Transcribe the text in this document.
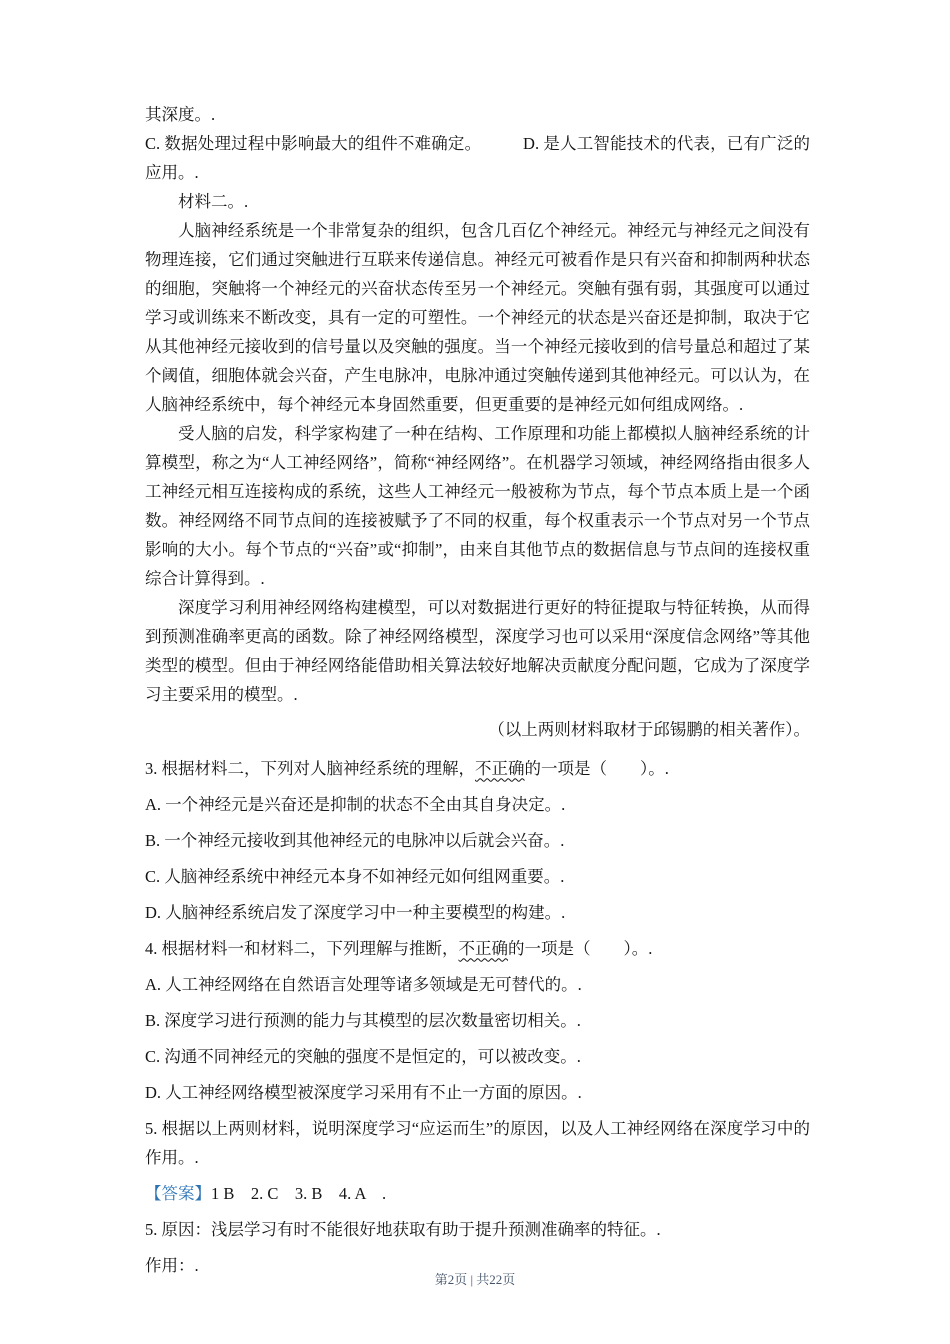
其深度。.

C. 数据处理过程中影响最大的组件不难确定。　　　D. 是人工智能技术的代表，已有广泛的应用。.

材料二。.

人脑神经系统是一个非常复杂的组织，包含几百亿个神经元。神经元与神经元之间没有物理连接，它们通过突触进行互联来传递信息。神经元可被看作是只有兴奋和抑制两种状态的细胞，突触将一个神经元的兴奋状态传至另一个神经元。突触有强有弱，其强度可以通过学习或训练来不断改变，具有一定的可塑性。一个神经元的状态是兴奋还是抑制，取决于它从其他神经元接收到的信号量以及突触的强度。当一个神经元接收到的信号量总和超过了某个阈值，细胞体就会兴奋，产生电脉冲，电脉冲通过突触传递到其他神经元。可以认为，在人脑神经系统中，每个神经元本身固然重要，但更重要的是神经元如何组成网络。.

受人脑的启发，科学家构建了一种在结构、工作原理和功能上都模拟人脑神经系统的计算模型，称之为“人工神经网络”，简称“神经网络”。在机器学习领域，神经网络指由很多人工神经元相互连接构成的系统，这些人工神经元一般被称为节点，每个节点本质上是一个函数。神经网络不同节点间的连接被赋予了不同的权重，每个权重表示一个节点对另一个节点影响的大小。每个节点的“兴奋”或“抑制”，由来自其他节点的数据信息与节点间的连接权重综合计算得到。.

深度学习利用神经网络构建模型，可以对数据进行更好的特征提取与特征转换，从而得到预测准确率更高的函数。除了神经网络模型，深度学习也可以采用“深度信念网络”等其他类型的模型。但由于神经网络能借助相关算法较好地解决贡献度分配问题，它成为了深度学习主要采用的模型。.

（以上两则材料取材于邱锡鹏的相关著作）。

3. 根据材料二，下列对人脑神经系统的理解，不正确的一项是（　　）。.

A. 一个神经元是兴奋还是抑制的状态不全由其自身决定。.

B. 一个神经元接收到其他神经元的电脉冲以后就会兴奋。.

C. 人脑神经系统中神经元本身不如神经元如何组网重要。.

D. 人脑神经系统启发了深度学习中一种主要模型的构建。.

4. 根据材料一和材料二，下列理解与推断，不正确的一项是（　　）。.

A. 人工神经网络在自然语言处理等诸多领域是无可替代的。.

B. 深度学习进行预测的能力与其模型的层次数量密切相关。.

C. 沟通不同神经元的突触的强度不是恒定的，可以被改变。.

D. 人工神经网络模型被深度学习采用有不止一方面的原因。.

5. 根据以上两则材料，说明深度学习“应运而生”的原因，以及人工神经网络在深度学习中的作用。.

【答案】1 B　2. C　3. B　4. A　.

5. 原因：浅层学习有时不能很好地获取有助于提升预测准确率的特征。.

作用：.

第2页 | 共22页
